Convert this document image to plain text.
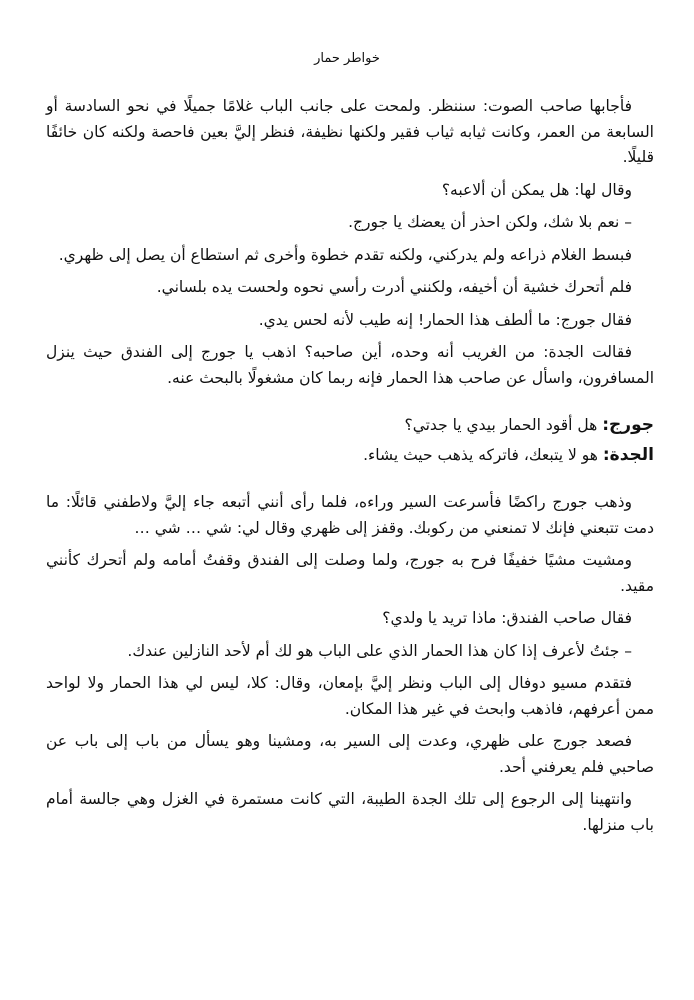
خواطر حمار

فأجابها صاحب الصوت: سننظر. ولمحت على جانب الباب غلامًا جميلًا في نحو السادسة أو السابعة من العمر، وكانت ثيابه ثياب فقير ولكنها نظيفة، فنظر إليَّ بعين فاحصة ولكنه كان خائفًا قليلًا.

وقال لها: هل يمكن أن ألاعبه؟

– نعم بلا شك، ولكن احذر أن يعضك يا جورج.

فبسط الغلام ذراعه ولم يدركني، ولكنه تقدم خطوة وأخرى ثم استطاع أن يصل إلى ظهري.

فلم أتحرك خشية أن أخيفه، ولكنني أدرت رأسي نحوه ولحست يده بلساني.

فقال جورج: ما ألطف هذا الحمار! إنه طيب لأنه لحس يدي.

فقالت الجدة: من الغريب أنه وحده، أين صاحبه؟ اذهب يا جورج إلى الفندق حيث ينزل المسافرون، واسأل عن صاحب هذا الحمار فإنه ربما كان مشغولًا بالبحث عنه.

جورج: هل أقود الحمار بيدي يا جدتي؟
الجدة: هو لا يتبعك، فاتركه يذهب حيث يشاء.

وذهب جورج راكضًا فأسرعت السير وراءه، فلما رأى أنني أتبعه جاء إليَّ ولاطفني قائلًا: ما دمت تتبعني فإنك لا تمنعني من ركوبك. وقفز إلى ظهري وقال لي: شي … شي …

ومشيت مشيًا خفيفًا فرح به جورج، ولما وصلت إلى الفندق وقفتُ أمامه ولم أتحرك كأنني مقيد.

فقال صاحب الفندق: ماذا تريد يا ولدي؟

– جئتُ لأعرف إذا كان هذا الحمار الذي على الباب هو لك أم لأحد النازلين عندك.

فتقدم مسيو دوفال إلى الباب ونظر إليَّ بإمعان، وقال: كلا، ليس لي هذا الحمار ولا لواحد ممن أعرفهم، فاذهب وابحث في غير هذا المكان.

فصعد جورج على ظهري، وعدت إلى السير به، ومشينا وهو يسأل من باب إلى باب عن صاحبي فلم يعرفني أحد.

وانتهينا إلى الرجوع إلى تلك الجدة الطيبة، التي كانت مستمرة في الغزل وهي جالسة أمام باب منزلها.
